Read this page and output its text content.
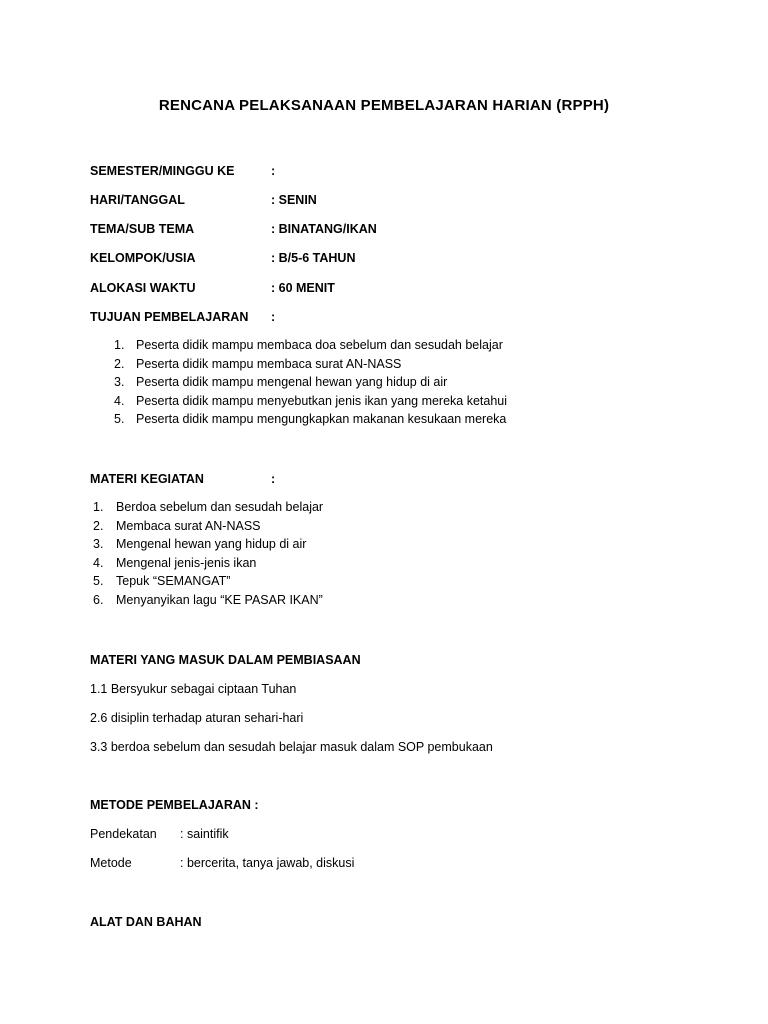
RENCANA PELAKSANAAN PEMBELAJARAN HARIAN (RPPH)
SEMESTER/MINGGU KE	:
HARI/TANGGAL	: SENIN
TEMA/SUB TEMA	: BINATANG/IKAN
KELOMPOK/USIA	: B/5-6 TAHUN
ALOKASI WAKTU	: 60 MENIT
TUJUAN PEMBELAJARAN :
1. Peserta didik mampu membaca doa sebelum dan sesudah belajar
2. Peserta didik mampu membaca surat AN-NASS
3. Peserta didik mampu mengenal hewan yang hidup di air
4. Peserta didik mampu menyebutkan jenis ikan yang mereka ketahui
5. Peserta didik mampu mengungkapkan makanan kesukaan mereka
MATERI KEGIATAN	:
1. Berdoa sebelum dan sesudah belajar
2. Membaca surat AN-NASS
3. Mengenal hewan yang hidup di air
4. Mengenal jenis-jenis ikan
5. Tepuk “SEMANGAT”
6. Menyanyikan lagu “KE PASAR IKAN”
MATERI YANG MASUK DALAM PEMBIASAAN
1.1 Bersyukur sebagai ciptaan Tuhan
2.6 disiplin terhadap aturan sehari-hari
3.3 berdoa sebelum dan sesudah belajar masuk dalam SOP pembukaan
METODE PEMBELAJARAN :
Pendekatan : saintifik
Metode	: bercerita, tanya jawab, diskusi
ALAT DAN BAHAN
